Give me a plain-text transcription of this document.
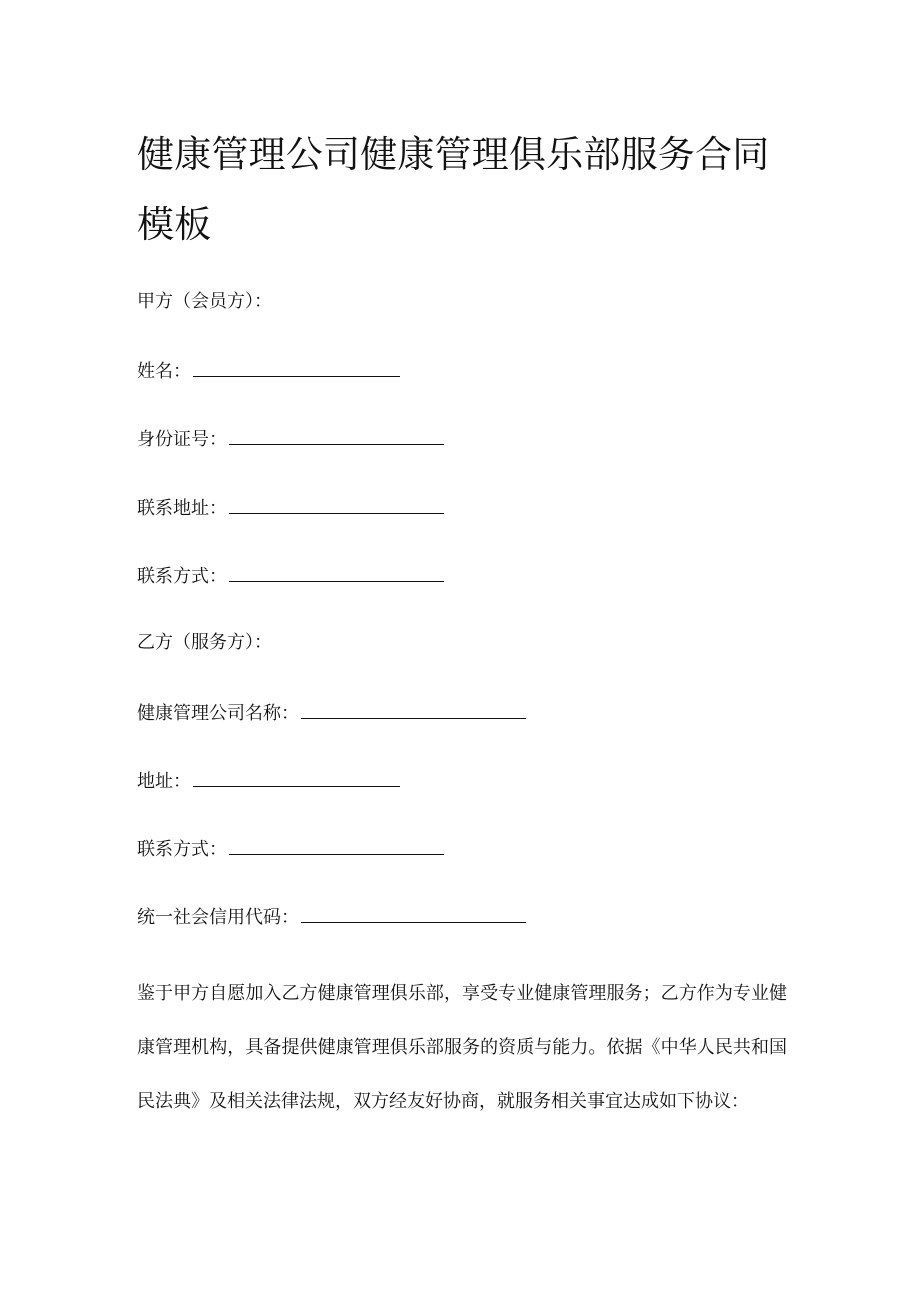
健康管理公司健康管理俱乐部服务合同模板
甲方（会员方）：
姓名：
身份证号：
联系地址：
联系方式：
乙方（服务方）：
健康管理公司名称：
地址：
联系方式：
统一社会信用代码：

鉴于甲方自愿加入乙方健康管理俱乐部，享受专业健康管理服务；乙方作为专业健康管理机构，具备提供健康管理俱乐部服务的资质与能力。依据《中华人民共和国民法典》及相关法律法规，双方经友好协商，就服务相关事宜达成如下协议：
